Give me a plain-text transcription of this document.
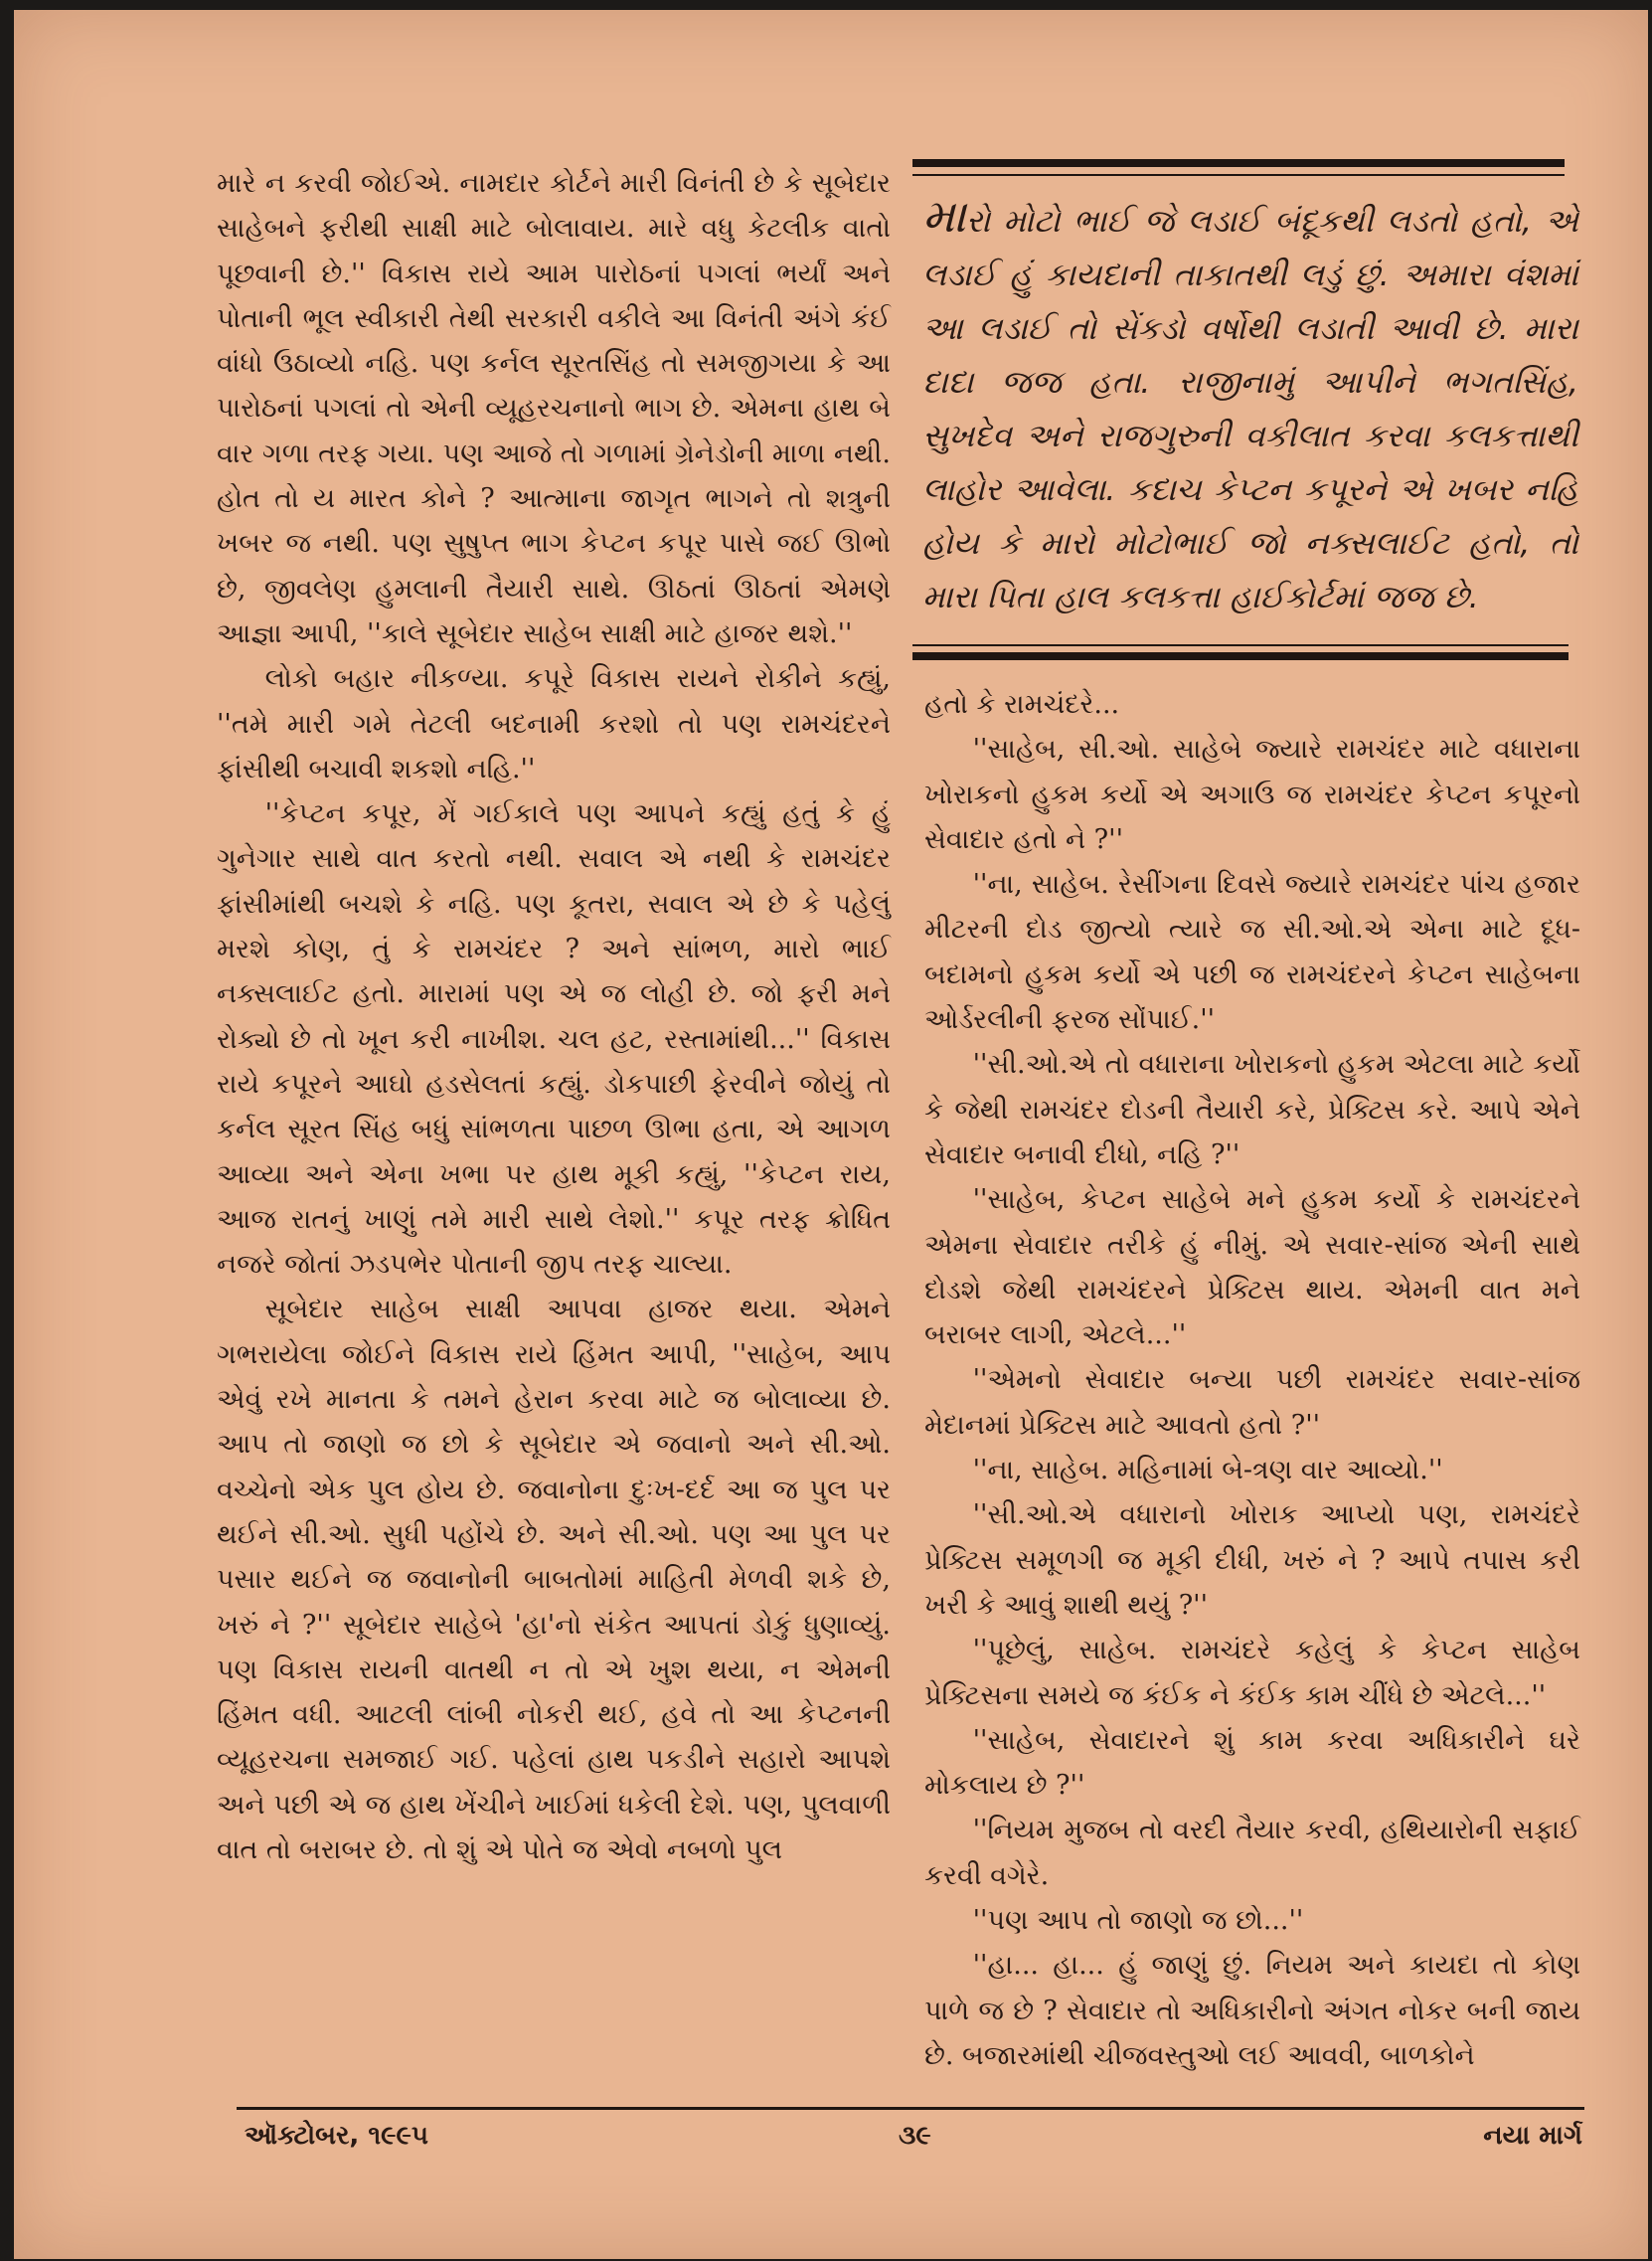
મારો મોટો ભાઈ જે લડાઈ બંદૂકથી લડતો હતો, એ લડાઈ હું કાયદાની તાકાતથી લડું છું. અમારા વંશમાં આ લડાઈ તો સેંકડો વર્ષોથી લડાતી આવી છે. મારા દાદા જજ હતા. રાજીનામું આપીને ભગતસિંહ, સુખદેવ અને રાજગુરુની વકીલાત કરવા કલકત્તાથી લાહોર આવેલા. કદાચ કેપ્ટન કપૂરને એ ખબર નહિ હોય કે મારો મોટોભાઈ જો નક્સલાઈટ હતો, તો મારા પિતા હાલ કલકત્તા હાઈકોર્ટમાં જજ છે.

મારે ન કરવી જોઈએ. નામદાર કોર્ટને મારી વિનંતી છે કે સૂબેદાર સાહેબને ફરીથી સાક્ષી માટે બોલાવાય. મારે વધુ કેટલીક વાતો પૂછવાની છે.'' વિકાસ રાયે આમ પારોઠનાં પગલાં ભર્યાં અને પોતાની ભૂલ સ્વીકારી તેથી સરકારી વકીલે આ વિનંતી અંગે કંઈ વાંધો ઉઠાવ્યો નહિ. પણ કર્નલ સૂરતસિંહ તો સમજીગયા કે આ પારોઠનાં પગલાં તો એની વ્યૂહરચનાનો ભાગ છે. એમના હાથ બે વાર ગળા તરફ ગયા. પણ આજે તો ગળામાં ગ્રેનેડોની માળા નથી. હોત તો ય મારત કોને ? આત્માના જાગૃત ભાગને તો શત્રુની ખબર જ નથી. પણ સુષુપ્ત ભાગ કેપ્ટન કપૂર પાસે જઈ ઊભો છે, જીવલેણ હુમલાની તૈયારી સાથે. ઊઠતાં ઊઠતાં એમણે આજ્ઞા આપી, ''કાલે સૂબેદાર સાહેબ સાક્ષી માટે હાજર થશે.''

લોકો બહાર નીકળ્યા. કપૂરે વિકાસ રાયને રોકીને કહ્યું, ''તમે મારી ગમે તેટલી બદનામી કરશો તો પણ રામચંદરને ફાંસીથી બચાવી શકશો નહિ.''

''કેપ્ટન કપૂર, મેં ગઈકાલે પણ આપને કહ્યું હતું કે હું ગુનેગાર સાથે વાત કરતો નથી. સવાલ એ નથી કે રામચંદર ફાંસીમાંથી બચશે કે નહિ. પણ કૂતરા, સવાલ એ છે કે પહેલું મરશે કોણ, તું કે રામચંદર ? અને સાંભળ, મારો ભાઈ નક્સલાઈટ હતો. મારામાં પણ એ જ લોહી છે. જો ફરી મને રોક્યો છે તો ખૂન કરી નાખીશ. ચલ હટ, રસ્તામાંથી...'' વિકાસ રાયે કપૂરને આઘો હડસેલતાં કહ્યું. ડોકપાછી ફેરવીને જોયું તો કર્નલ સૂરત સિંહ બધું સાંભળતા પાછળ ઊભા હતા, એ આગળ આવ્યા અને એના ખભા પર હાથ મૂકી કહ્યું, ''કેપ્ટન રાય, આજ રાતનું ખાણું તમે મારી સાથે લેશો.'' કપૂર તરફ ક્રોધિત નજરે જોતાં ઝડપભેર પોતાની જીપ તરફ ચાલ્યા.

સૂબેદાર સાહેબ સાક્ષી આપવા હાજર થયા. એમને ગભરાયેલા જોઈને વિકાસ રાયે હિંમત આપી, ''સાહેબ, આપ એવું રખે માનતા કે તમને હેરાન કરવા માટે જ બોલાવ્યા છે. આપ તો જાણો જ છો કે સૂબેદાર એ જવાનો અને સી.ઓ. વચ્ચેનો એક પુલ હોય છે. જવાનોના દુઃખ-દર્દ આ જ પુલ પર થઈને સી.ઓ. સુધી પહોંચે છે. અને સી.ઓ. પણ આ પુલ પર પસાર થઈને જ જવાનોની બાબતોમાં માહિતી મેળવી શકે છે, ખરું ને ?'' સૂબેદાર સાહેબે 'હા'નો સંકેત આપતાં ડોકું ધુણાવ્યું. પણ વિકાસ રાયની વાતથી ન તો એ ખુશ થયા, ન એમની હિંમત વધી. આટલી લાંબી નોકરી થઈ, હવે તો આ કેપ્ટનની વ્યૂહરચના સમજાઈ ગઈ. પહેલાં હાથ પકડીને સહારો આપશે અને પછી એ જ હાથ ખેંચીને ખાઈમાં ધકેલી દેશે. પણ, પુલવાળી વાત તો બરાબર છે. તો શું એ પોતે જ એવો નબળો પુલ

હતો કે રામચંદરે...

''સાહેબ, સી.ઓ. સાહેબે જ્યારે રામચંદર માટે વધારાના ખોરાકનો હુકમ કર્યો એ અગાઉ જ રામચંદર કેપ્ટન કપૂરનો સેવાદાર હતો ને ?''

''ના, સાહેબ. રેસીંગના દિવસે જ્યારે રામચંદર પાંચ હજાર મીટરની દોડ જીત્યો ત્યારે જ સી.ઓ.એ એના માટે દૂધ-બદામનો હુકમ કર્યો એ પછી જ રામચંદરને કેપ્ટન સાહેબના ઓર્ડરલીની ફરજ સોંપાઈ.''

''સી.ઓ.એ તો વધારાના ખોરાકનો હુકમ એટલા માટે કર્યો કે જેથી રામચંદર દોડની તૈયારી કરે, પ્રેક્ટિસ કરે. આપે એને સેવાદાર બનાવી દીધો, નહિ ?''

''સાહેબ, કેપ્ટન સાહેબે મને હુકમ કર્યો કે રામચંદરને એમના સેવાદાર તરીકે હું નીમું. એ સવાર-સાંજ એની સાથે દોડશે જેથી રામચંદરને પ્રેક્ટિસ થાય. એમની વાત મને બરાબર લાગી, એટલે...''

''એમનો સેવાદાર બન્યા પછી રામચંદર સવાર-સાંજ મેદાનમાં પ્રેક્ટિસ માટે આવતો હતો ?''

''ના, સાહેબ. મહિનામાં બે-ત્રણ વાર આવ્યો.''

''સી.ઓ.એ વધારાનો ખોરાક આપ્યો પણ, રામચંદરે પ્રેક્ટિસ સમૂળગી જ મૂકી દીધી, ખરું ને ? આપે તપાસ કરી ખરી કે આવું શાથી થયું ?''

''પૂછેલું, સાહેબ. રામચંદરે કહેલું કે કેપ્ટન સાહેબ પ્રેક્ટિસના સમયે જ કંઈક ને કંઈક કામ ચીંધે છે એટલે...''

''સાહેબ, સેવાદારને શું કામ કરવા અધિકારીને ઘરે મોકલાય છે ?''

''નિયમ મુજબ તો વરદી તૈયાર કરવી, હથિયારોની સફાઈ કરવી વગેરે.

''પણ આપ તો જાણો જ છો...''

''હા... હા... હું જાણું છું. નિયમ અને કાયદા તો કોણ પાળે જ છે ? સેવાદાર તો અધિકારીનો અંગત નોકર બની જાય છે. બજારમાંથી ચીજવસ્તુઓ લઈ આવવી, બાળકોને

ઑક્ટોબર, ૧૯૯૫	૩૯	નયા માર્ગ
